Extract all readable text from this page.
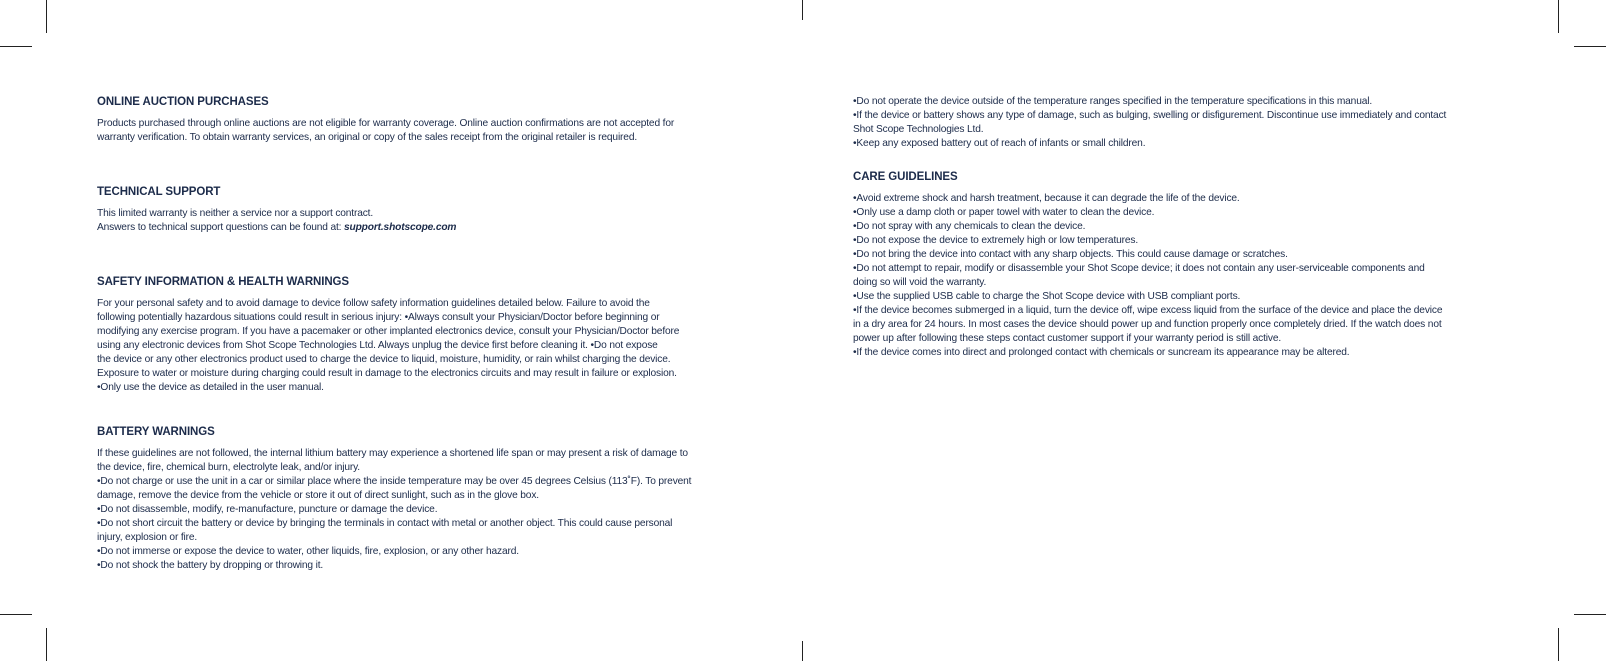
ONLINE AUCTION PURCHASES
Products purchased through online auctions are not eligible for warranty coverage. Online auction confirmations are not accepted for
warranty verification. To obtain warranty services, an original or copy of the sales receipt from the original retailer is required.
TECHNICAL SUPPORT
This limited warranty is neither a service nor a support contract.
Answers to technical support questions can be found at: support.shotscope.com
SAFETY INFORMATION & HEALTH WARNINGS
For your personal safety and to avoid damage to device follow safety information guidelines detailed below. Failure to avoid the
following potentially hazardous situations could result in serious injury: •Always consult your Physician/Doctor before beginning or
modifying any exercise program. If you have a pacemaker or other implanted electronics device, consult your Physician/Doctor before
using any electronic devices from Shot Scope Technologies Ltd. Always unplug the device first before cleaning it. •Do not expose
the device or any other electronics product used to charge the device to liquid, moisture, humidity, or rain whilst charging the device.
Exposure to water or moisture during charging could result in damage to the electronics circuits and may result in failure or explosion.
•Only use the device as detailed in the user manual.
BATTERY WARNINGS
If these guidelines are not followed, the internal lithium battery may experience a shortened life span or may present a risk of damage to
the device, fire, chemical burn, electrolyte leak, and/or injury.
•Do not charge or use the unit in a car or similar place where the inside temperature may be over 45 degrees Celsius (113˚F). To prevent
damage, remove the device from the vehicle or store it out of direct sunlight, such as in the glove box.
•Do not disassemble, modify, re-manufacture, puncture or damage the device.
•Do not short circuit the battery or device by bringing the terminals in contact with metal or another object. This could cause personal
injury, explosion or fire.
•Do not immerse or expose the device to water, other liquids, fire, explosion, or any other hazard.
•Do not shock the battery by dropping or throwing it.
•Do not operate the device outside of the temperature ranges specified in the temperature specifications in this manual.
•If the device or battery shows any type of damage, such as bulging, swelling or disfigurement. Discontinue use immediately and contact
Shot Scope Technologies Ltd.
•Keep any exposed battery out of reach of infants or small children.
CARE GUIDELINES
•Avoid extreme shock and harsh treatment, because it can degrade the life of the device.
•Only use a damp cloth or paper towel with water to clean the device.
•Do not spray with any chemicals to clean the device.
•Do not expose the device to extremely high or low temperatures.
•Do not bring the device into contact with any sharp objects. This could cause damage or scratches.
•Do not attempt to repair, modify or disassemble your Shot Scope device; it does not contain any user-serviceable components and
doing so will void the warranty.
•Use the supplied USB cable to charge the Shot Scope device with USB compliant ports.
•If the device becomes submerged in a liquid, turn the device off, wipe excess liquid from the surface of the device and place the device
in a dry area for 24 hours. In most cases the device should power up and function properly once completely dried. If the watch does not
power up after following these steps contact customer support if your warranty period is still active.
•If the device comes into direct and prolonged contact with chemicals or suncream its appearance may be altered.
